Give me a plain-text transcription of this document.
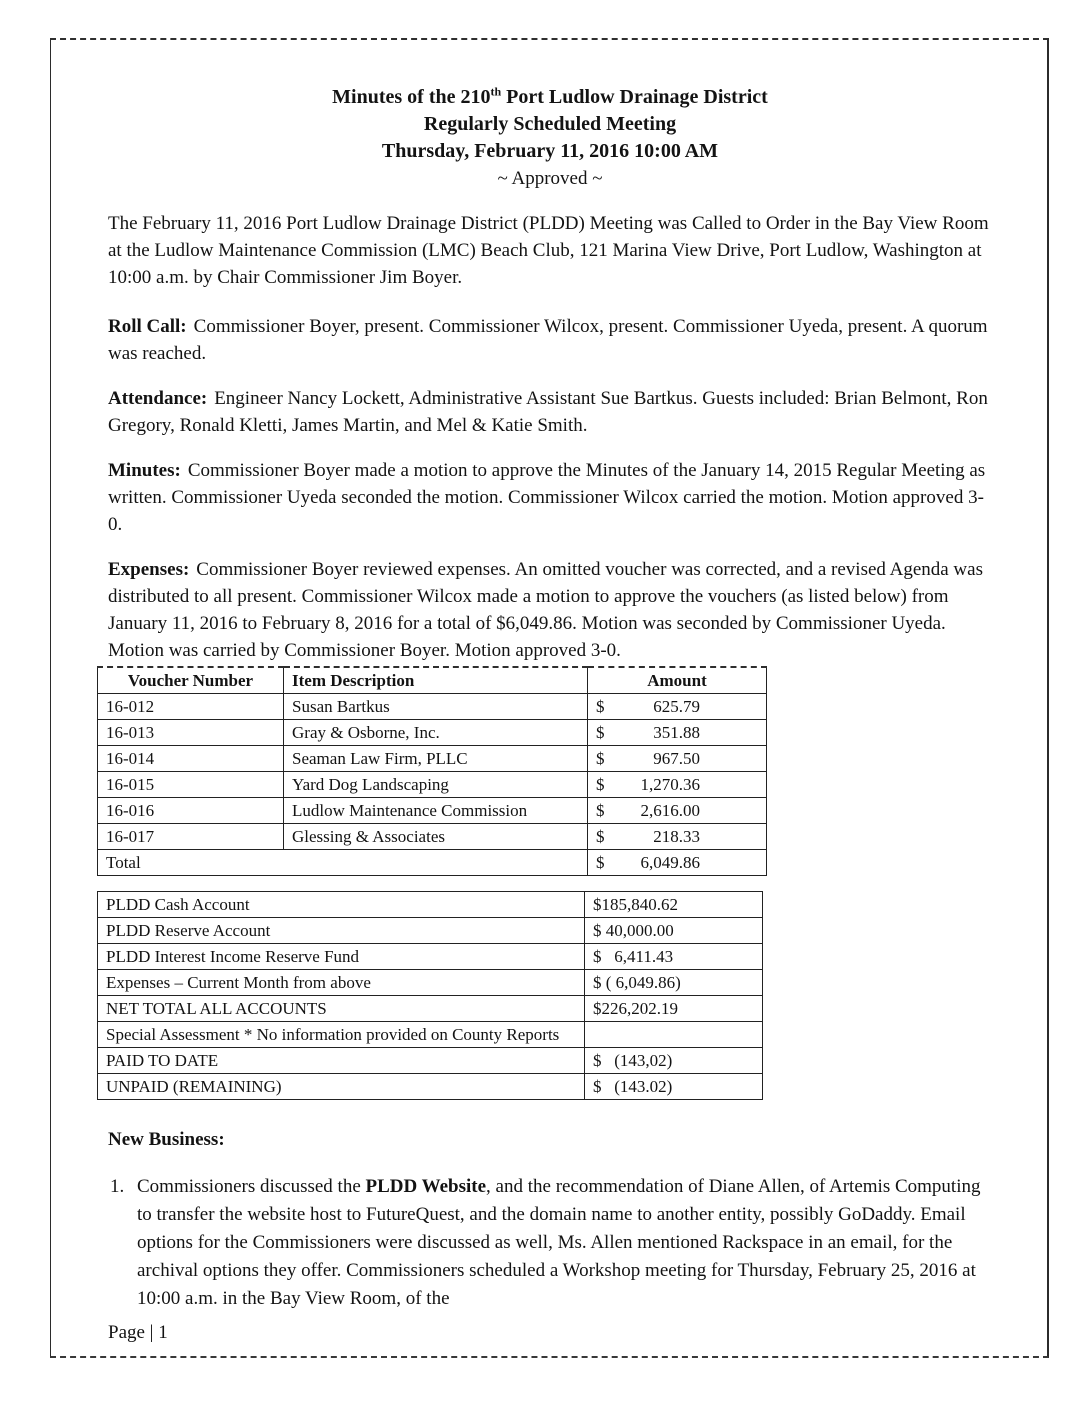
Minutes of the 210th Port Ludlow Drainage District
Regularly Scheduled Meeting
Thursday, February 11, 2016 10:00 AM
~ Approved ~

The February 11, 2016 Port Ludlow Drainage District (PLDD) Meeting was Called to Order in the Bay View Room at the Ludlow Maintenance Commission (LMC) Beach Club, 121 Marina View Drive, Port Ludlow, Washington at 10:00 a.m. by Chair Commissioner Jim Boyer.

Roll Call: Commissioner Boyer, present. Commissioner Wilcox, present. Commissioner Uyeda, present. A quorum was reached.

Attendance: Engineer Nancy Lockett, Administrative Assistant Sue Bartkus. Guests included: Brian Belmont, Ron Gregory, Ronald Kletti, James Martin, and Mel & Katie Smith.

Minutes: Commissioner Boyer made a motion to approve the Minutes of the January 14, 2015 Regular Meeting as written. Commissioner Uyeda seconded the motion. Commissioner Wilcox carried the motion. Motion approved 3-0.

Expenses: Commissioner Boyer reviewed expenses. An omitted voucher was corrected, and a revised Agenda was distributed to all present. Commissioner Wilcox made a motion to approve the vouchers (as listed below) from January 11, 2016 to February 8, 2016 for a total of $6,049.86. Motion was seconded by Commissioner Uyeda. Motion was carried by Commissioner Boyer. Motion approved 3-0.

Voucher Number	Item Description	Amount
16-012	Susan Bartkus	$ 625.79
16-013	Gray & Osborne, Inc.	$ 351.88
16-014	Seaman Law Firm, PLLC	$ 967.50
16-015	Yard Dog Landscaping	$ 1,270.36
16-016	Ludlow Maintenance Commission	$ 2,616.00
16-017	Glessing & Associates	$ 218.33
Total		$ 6,049.86
PLDD Cash Account	$185,840.62
PLDD Reserve Account	$ 40,000.00
PLDD Interest Income Reserve Fund	$   6,411.43
Expenses – Current Month from above	$ ( 6,049.86)
NET TOTAL ALL ACCOUNTS	$226,202.19
Special Assessment * No information provided on County Reports	
PAID TO DATE	$   (143,02)
UNPAID (REMAINING)	$   (143.02)

New Business:

1. Commissioners discussed the PLDD Website, and the recommendation of Diane Allen, of Artemis Computing to transfer the website host to FutureQuest, and the domain name to another entity, possibly GoDaddy. Email options for the Commissioners were discussed as well, Ms. Allen mentioned Rackspace in an email, for the archival options they offer. Commissioners scheduled a Workshop meeting for Thursday, February 25, 2016 at 10:00 a.m. in the Bay View Room, of the

Page | 1
